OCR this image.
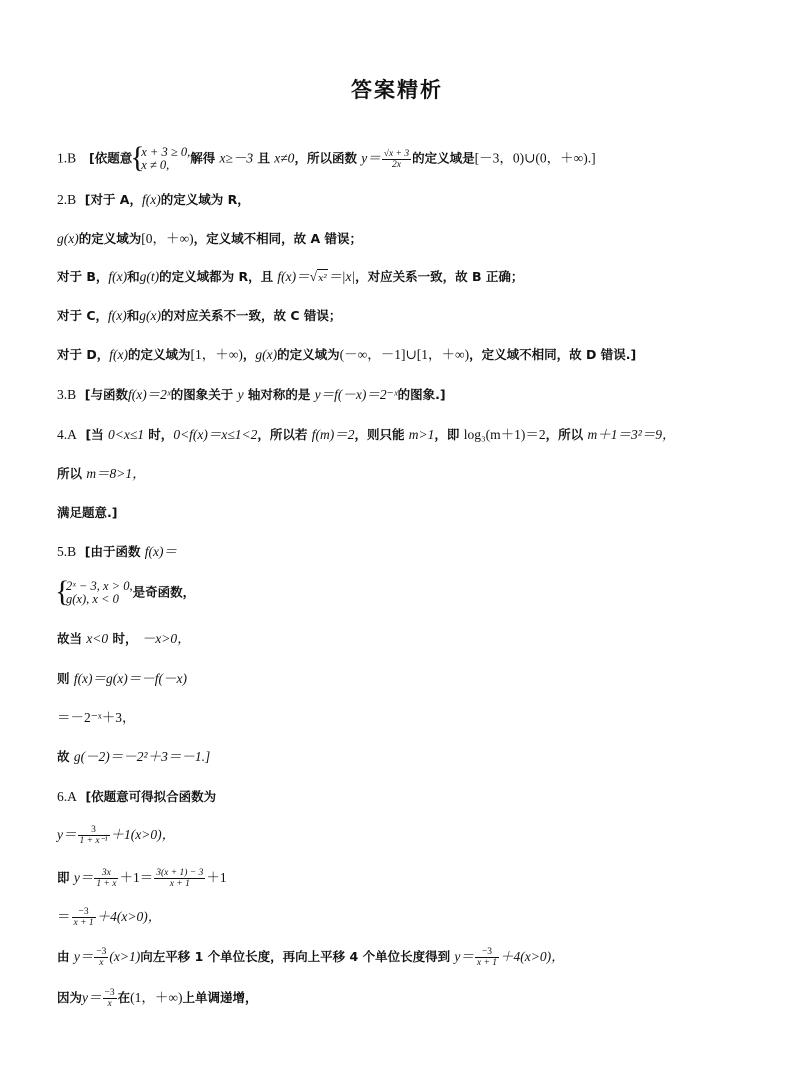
答案精析
1.B [依题意
{ x + 3 ≥ 0,
x ≠ 0,	解得 x≥－3 且 x≠0，所以函数 $y= \frac{√x + 3}{2x}$ 的定义域是[－3，0)∪(0，＋∞).]
2.B [对于 A，f(x)的定义域为 R，
g(x)的定义域为[0，＋∞)，定义域不相同，故 A 错误；
对于 B，f(x)和g(t)的定义域都为 R，且 f(x)＝√x²＝|x|，对应关系一致，故 B 正确；
对于 C，f(x)和g(x)的对应关系不一致，故 C 错误；
对于 D，f(x)的定义域为[1，＋∞)，g(x)的定义域为(－∞，－1]∪[1，＋∞)，定义域不相同，故 D 错误.]
3.B [与函数f(x)＝2ˣ的图象关于 y 轴对称的是 y＝f(－x)＝2⁻ˣ的图象.]
4.A [当 0<x≤1 时，0<f(x)＝x≤1<2，所以若 f(m)＝2，则只能 m>1，即 log₃(m＋1)＝2，所以 m＋1＝3²＝9，
所以 m＝8>1，
满足题意.]
5.B [由于函数 f(x)＝
{ 2ˣ − 3, x > 0,
g(x), x < 0	是奇函数，
故当 x<0 时， －x>0，
则 f(x)＝g(x)＝－f(－x)
＝－2⁻ˣ＋3，
故 g(－2)＝－2²＋3＝－1.]
6.A [依题意可得拟合函数为
$y= \frac{3}{\text{1 + x⁻¹}} +1(x>0)$，
即 $y= \frac{3x}{1 + x} +1= \frac{3(x + 1) - 3}{x + 1} +1$
＝ $\frac{-3}{x + 1} +4(x>0)$，
由 $y= \frac{-3}{x} (x>1)$向左平移 1 个单位长度，再向上平移 4 个单位长度得到 $y= \frac{-3}{x + 1} +4(x>0)$，
因为$y= \frac{-3}{x}$ 在(1，＋∞)上单调递增，
